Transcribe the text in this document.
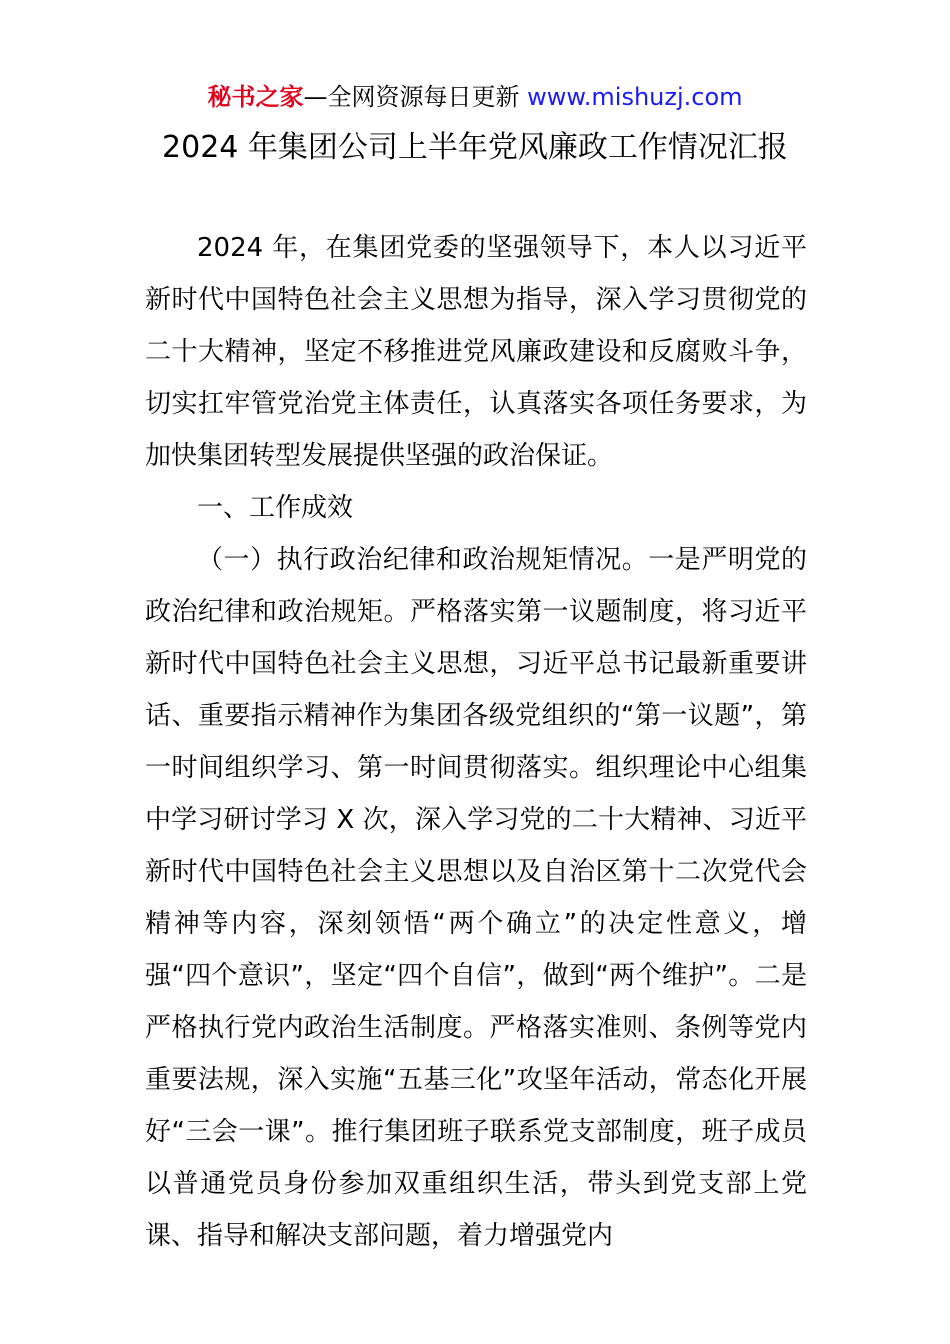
秘书之家—全网资源每日更新 www.mishuzj.com
2024 年集团公司上半年党风廉政工作情况汇报

2024 年，在集团党委的坚强领导下，本人以习近平新时代中国特色社会主义思想为指导，深入学习贯彻党的二十大精神，坚定不移推进党风廉政建设和反腐败斗争，切实扛牢管党治党主体责任，认真落实各项任务要求，为加快集团转型发展提供坚强的政治保证。

一、工作成效

（一）执行政治纪律和政治规矩情况。一是严明党的政治纪律和政治规矩。严格落实第一议题制度，将习近平新时代中国特色社会主义思想，习近平总书记最新重要讲话、重要指示精神作为集团各级党组织的“第一议题”，第一时间组织学习、第一时间贯彻落实。组织理论中心组集中学习研讨学习 X 次，深入学习党的二十大精神、习近平新时代中国特色社会主义思想以及自治区第十二次党代会精神等内容，深刻领悟“两个确立”的决定性意义，增强“四个意识”，坚定“四个自信”，做到“两个维护”。二是严格执行党内政治生活制度。严格落实准则、条例等党内重要法规，深入实施“五基三化”攻坚年活动，常态化开展好“三会一课”。推行集团班子联系党支部制度，班子成员以普通党员身份参加双重组织生活，带头到党支部上党课、指导和解决支部问题，着力增强党内
